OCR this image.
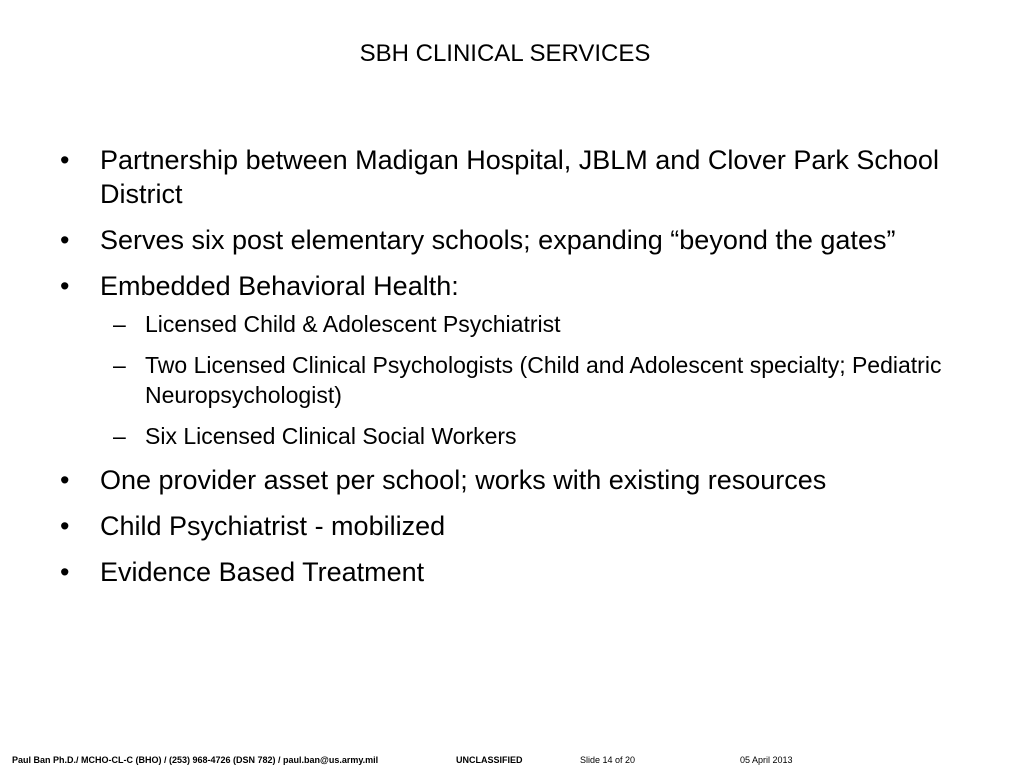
SBH CLINICAL SERVICES
•	Partnership between Madigan Hospital, JBLM and Clover Park School District
•	Serves six post elementary schools; expanding “beyond the gates”
•	Embedded Behavioral Health:
– Licensed Child & Adolescent Psychiatrist
– Two Licensed Clinical Psychologists (Child and Adolescent specialty; Pediatric Neuropsychologist)
– Six Licensed Clinical Social Workers
•	One provider asset per school; works with existing resources
•	Child Psychiatrist - mobilized
•	Evidence Based Treatment
Paul Ban Ph.D./ MCHO-CL-C (BHO) / (253) 968-4726 (DSN 782) / paul.ban@us.army.mil	UNCLASSIFIED	Slide 14 of 20	05 April 2013
